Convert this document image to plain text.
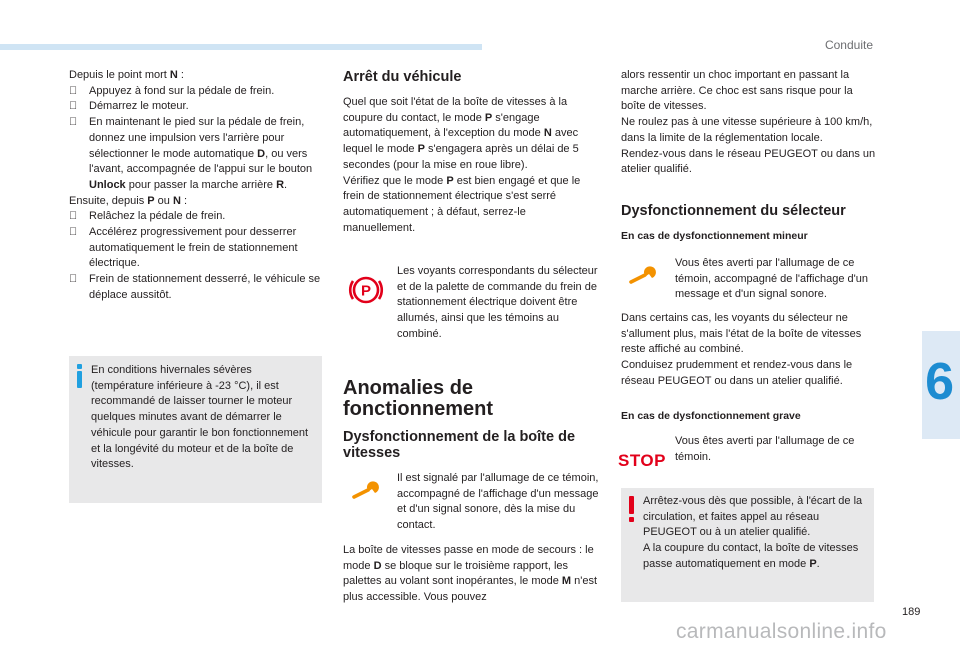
Conduite
6

Depuis le point mort N :

Appuyez à fond sur la pédale de frein.
Démarrez le moteur.
En maintenant le pied sur la pédale de frein, donnez une impulsion vers l'arrière pour sélectionner le mode automatique D, ou vers l'avant, accompagnée de l'appui sur le bouton Unlock pour passer la marche arrière R.

Ensuite, depuis P ou N :

Relâchez la pédale de frein.
Accélérez progressivement pour desserrer automatiquement le frein de stationnement électrique.
Frein de stationnement desserré, le véhicule se déplace aussitôt.
En conditions hivernales sévères (température inférieure à -23 °C), il est recommandé de laisser tourner le moteur quelques minutes avant de démarrer le véhicule pour garantir le bon fonctionnement et la longévité du moteur et de la boîte de vitesses.
Arrêt du véhicule

Quel que soit l'état de la boîte de vitesses à la coupure du contact, le mode P s'engage automatiquement, à l'exception du mode N avec lequel le mode P s'engagera après un délai de 5 secondes (pour la mise en roue libre).

Vérifiez que le mode P est bien engagé et que le frein de stationnement électrique s'est serré automatiquement ; à défaut, serrez-le manuellement.

P
Les voyants correspondants du sélecteur et de la palette de commande du frein de stationnement électrique doivent être allumés, ainsi que les témoins au combiné.
Anomalies de fonctionnement
Dysfonctionnement de la boîte de vitesses
Il est signalé par l'allumage de ce témoin, accompagné de l'affichage d'un message et d'un signal sonore, dès la mise du contact.

La boîte de vitesses passe en mode de secours : le mode D se bloque sur le troisième rapport, les palettes au volant sont inopérantes, le mode M n'est plus accessible. Vous pouvez

alors ressentir un choc important en passant la marche arrière. Ce choc est sans risque pour la boîte de vitesses.

Ne roulez pas à une vitesse supérieure à 100 km/h, dans la limite de la réglementation locale.

Rendez-vous dans le réseau PEUGEOT ou dans un atelier qualifié.

Dysfonctionnement du sélecteur
En cas de dysfonctionnement mineur
Vous êtes averti par l'allumage de ce témoin, accompagné de l'affichage d'un message et d'un signal sonore.

Dans certains cas, les voyants du sélecteur ne s'allument plus, mais l'état de la boîte de vitesses reste affiché au combiné.

Conduisez prudemment et rendez-vous dans le réseau PEUGEOT ou dans un atelier qualifié.

En cas de dysfonctionnement grave
STOP
Vous êtes averti par l'allumage de ce témoin.
Arrêtez-vous dès que possible, à l'écart de la circulation, et faites appel au réseau PEUGEOT ou à un atelier qualifié.
A la coupure du contact, la boîte de vitesses passe automatiquement en mode P.
189
carmanualsonline.info
